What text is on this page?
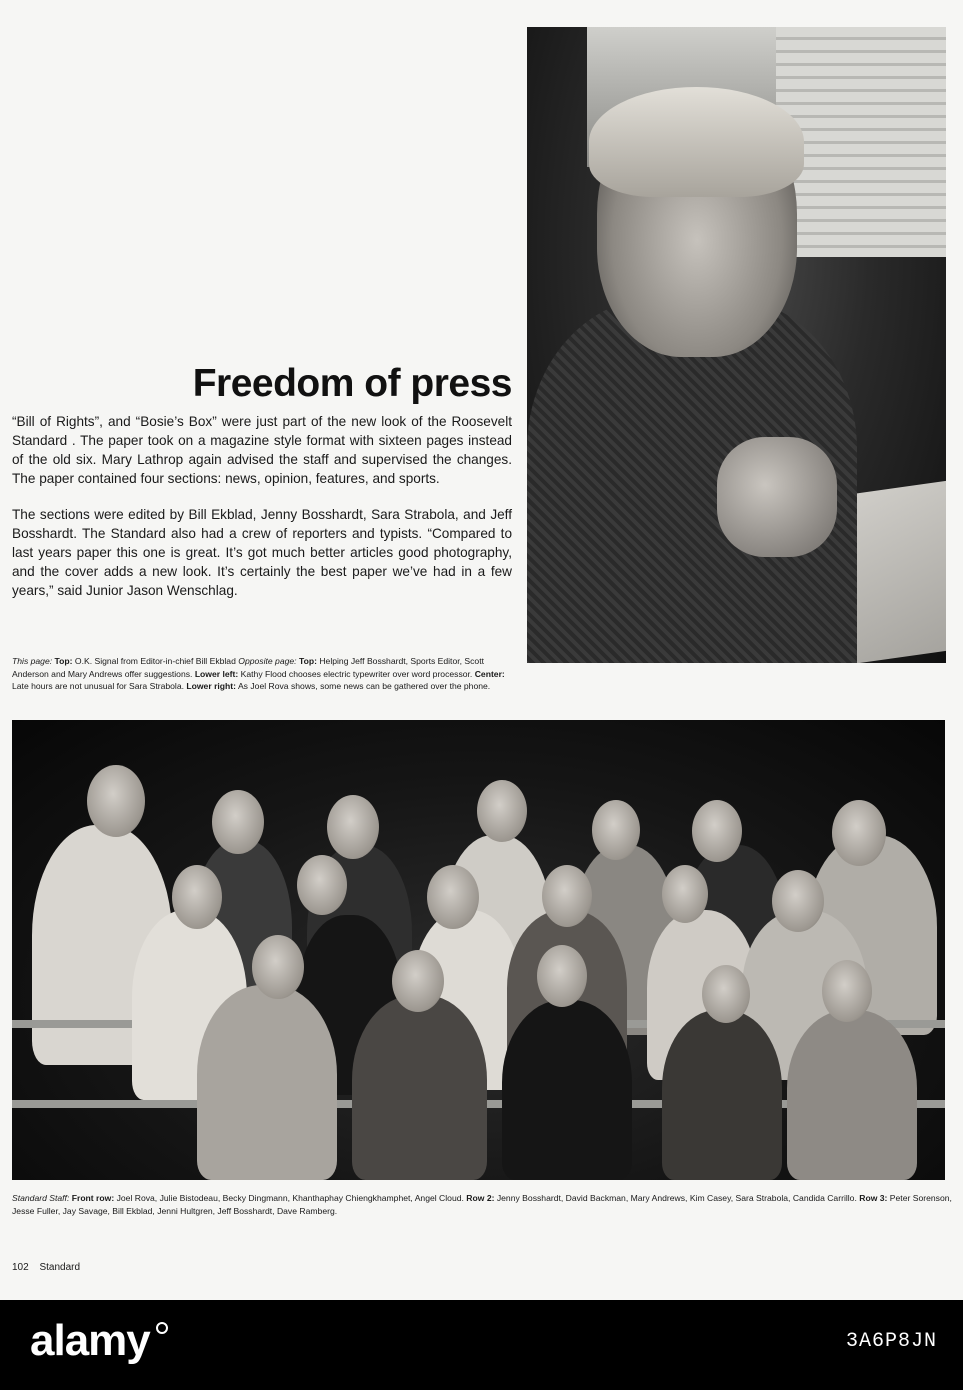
Freedom of press

“Bill of Rights”, and “Bosie’s Box” were just part of the new look of the Roosevelt Standard . The paper took on a magazine style format with sixteen pages instead of the old six. Mary Lathrop again advised the staff and supervised the changes. The paper contained four sections: news, opinion, features, and sports.

The sections were edited by Bill Ekblad, Jenny Bosshardt, Sara Strabola, and Jeff Bosshardt. The Standard also had a crew of reporters and typists. “Compared to last years paper this one is great. It’s got much better articles good photography, and the cover adds a new look. It’s certainly the best paper we’ve had in a few years,” said Junior Jason Wenschlag.

This page: Top: O.K. Signal from Editor-in-chief Bill Ekblad Opposite page: Top: Helping Jeff Bosshardt, Sports Editor, Scott Anderson and Mary Andrews offer suggestions. Lower left: Kathy Flood chooses electric typewriter over word processor. Center: Late hours are not unusual for Sara Strabola. Lower right: As Joel Rova shows, some news can be gathered over the phone.
Standard Staff: Front row: Joel Rova, Julie Bistodeau, Becky Dingmann, Khanthaphay Chiengkhamphet, Angel Cloud. Row 2: Jenny Bosshardt, David Backman, Mary Andrews, Kim Casey, Sara Strabola, Candida Carrillo. Row 3: Peter Sorenson, Jesse Fuller, Jay Savage, Bill Ekblad, Jenni Hultgren, Jeff Bosshardt, Dave Ramberg.
102 Standard
alamy	3A6P8JN
